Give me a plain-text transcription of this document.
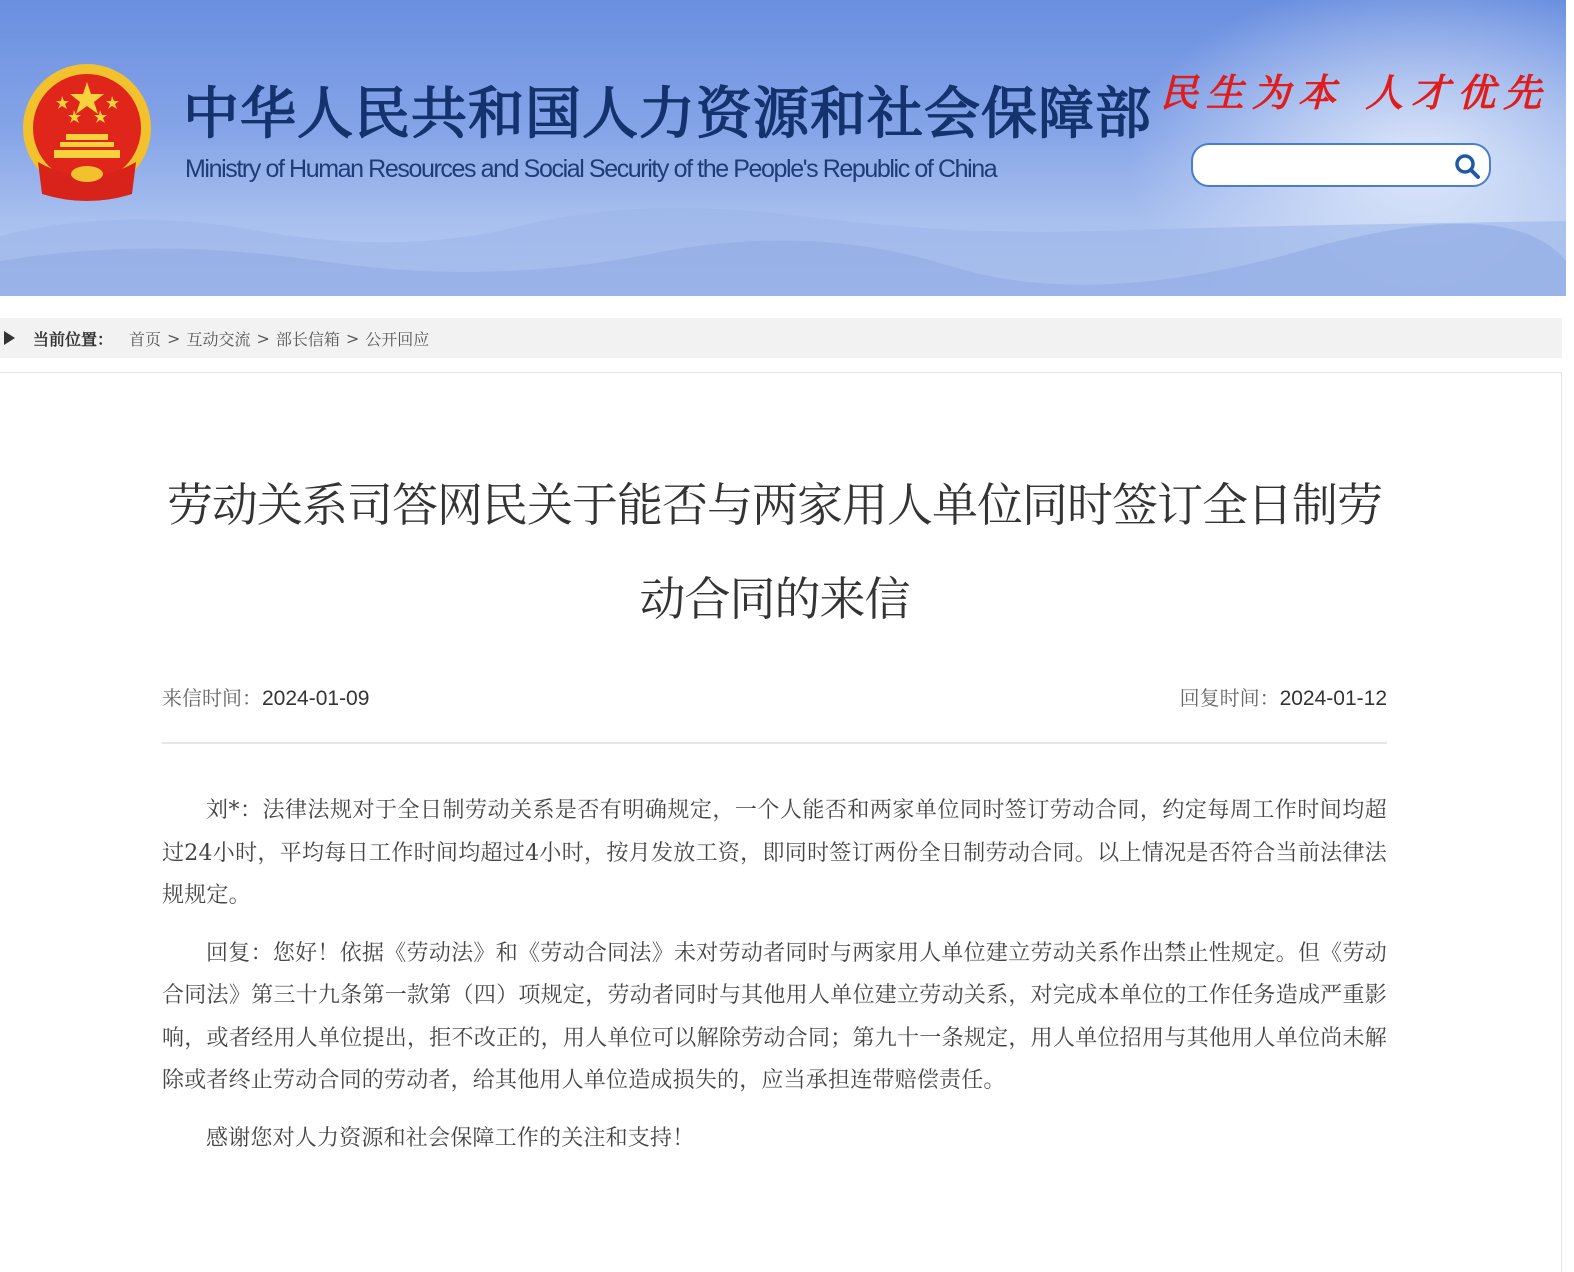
中华人民共和国人力资源和社会保障部
Ministry of Human Resources and Social Security of the People's Republic of China
民生为本 人才优先
当前位置： 首页 > 互动交流 > 部长信箱 > 公开回应
劳动关系司答网民关于能否与两家用人单位同时签订全日制劳动合同的来信
来信时间：2024-01-09	回复时间：2024-01-12

刘*：法律法规对于全日制劳动关系是否有明确规定，一个人能否和两家单位同时签订劳动合同，约定每周工作时间均超过24小时，平均每日工作时间均超过4小时，按月发放工资，即同时签订两份全日制劳动合同。以上情况是否符合当前法律法规规定。

回复：您好！依据《劳动法》和《劳动合同法》未对劳动者同时与两家用人单位建立劳动关系作出禁止性规定。但《劳动合同法》第三十九条第一款第（四）项规定，劳动者同时与其他用人单位建立劳动关系，对完成本单位的工作任务造成严重影响，或者经用人单位提出，拒不改正的，用人单位可以解除劳动合同；第九十一条规定，用人单位招用与其他用人单位尚未解除或者终止劳动合同的劳动者，给其他用人单位造成损失的，应当承担连带赔偿责任。

感谢您对人力资源和社会保障工作的关注和支持！
